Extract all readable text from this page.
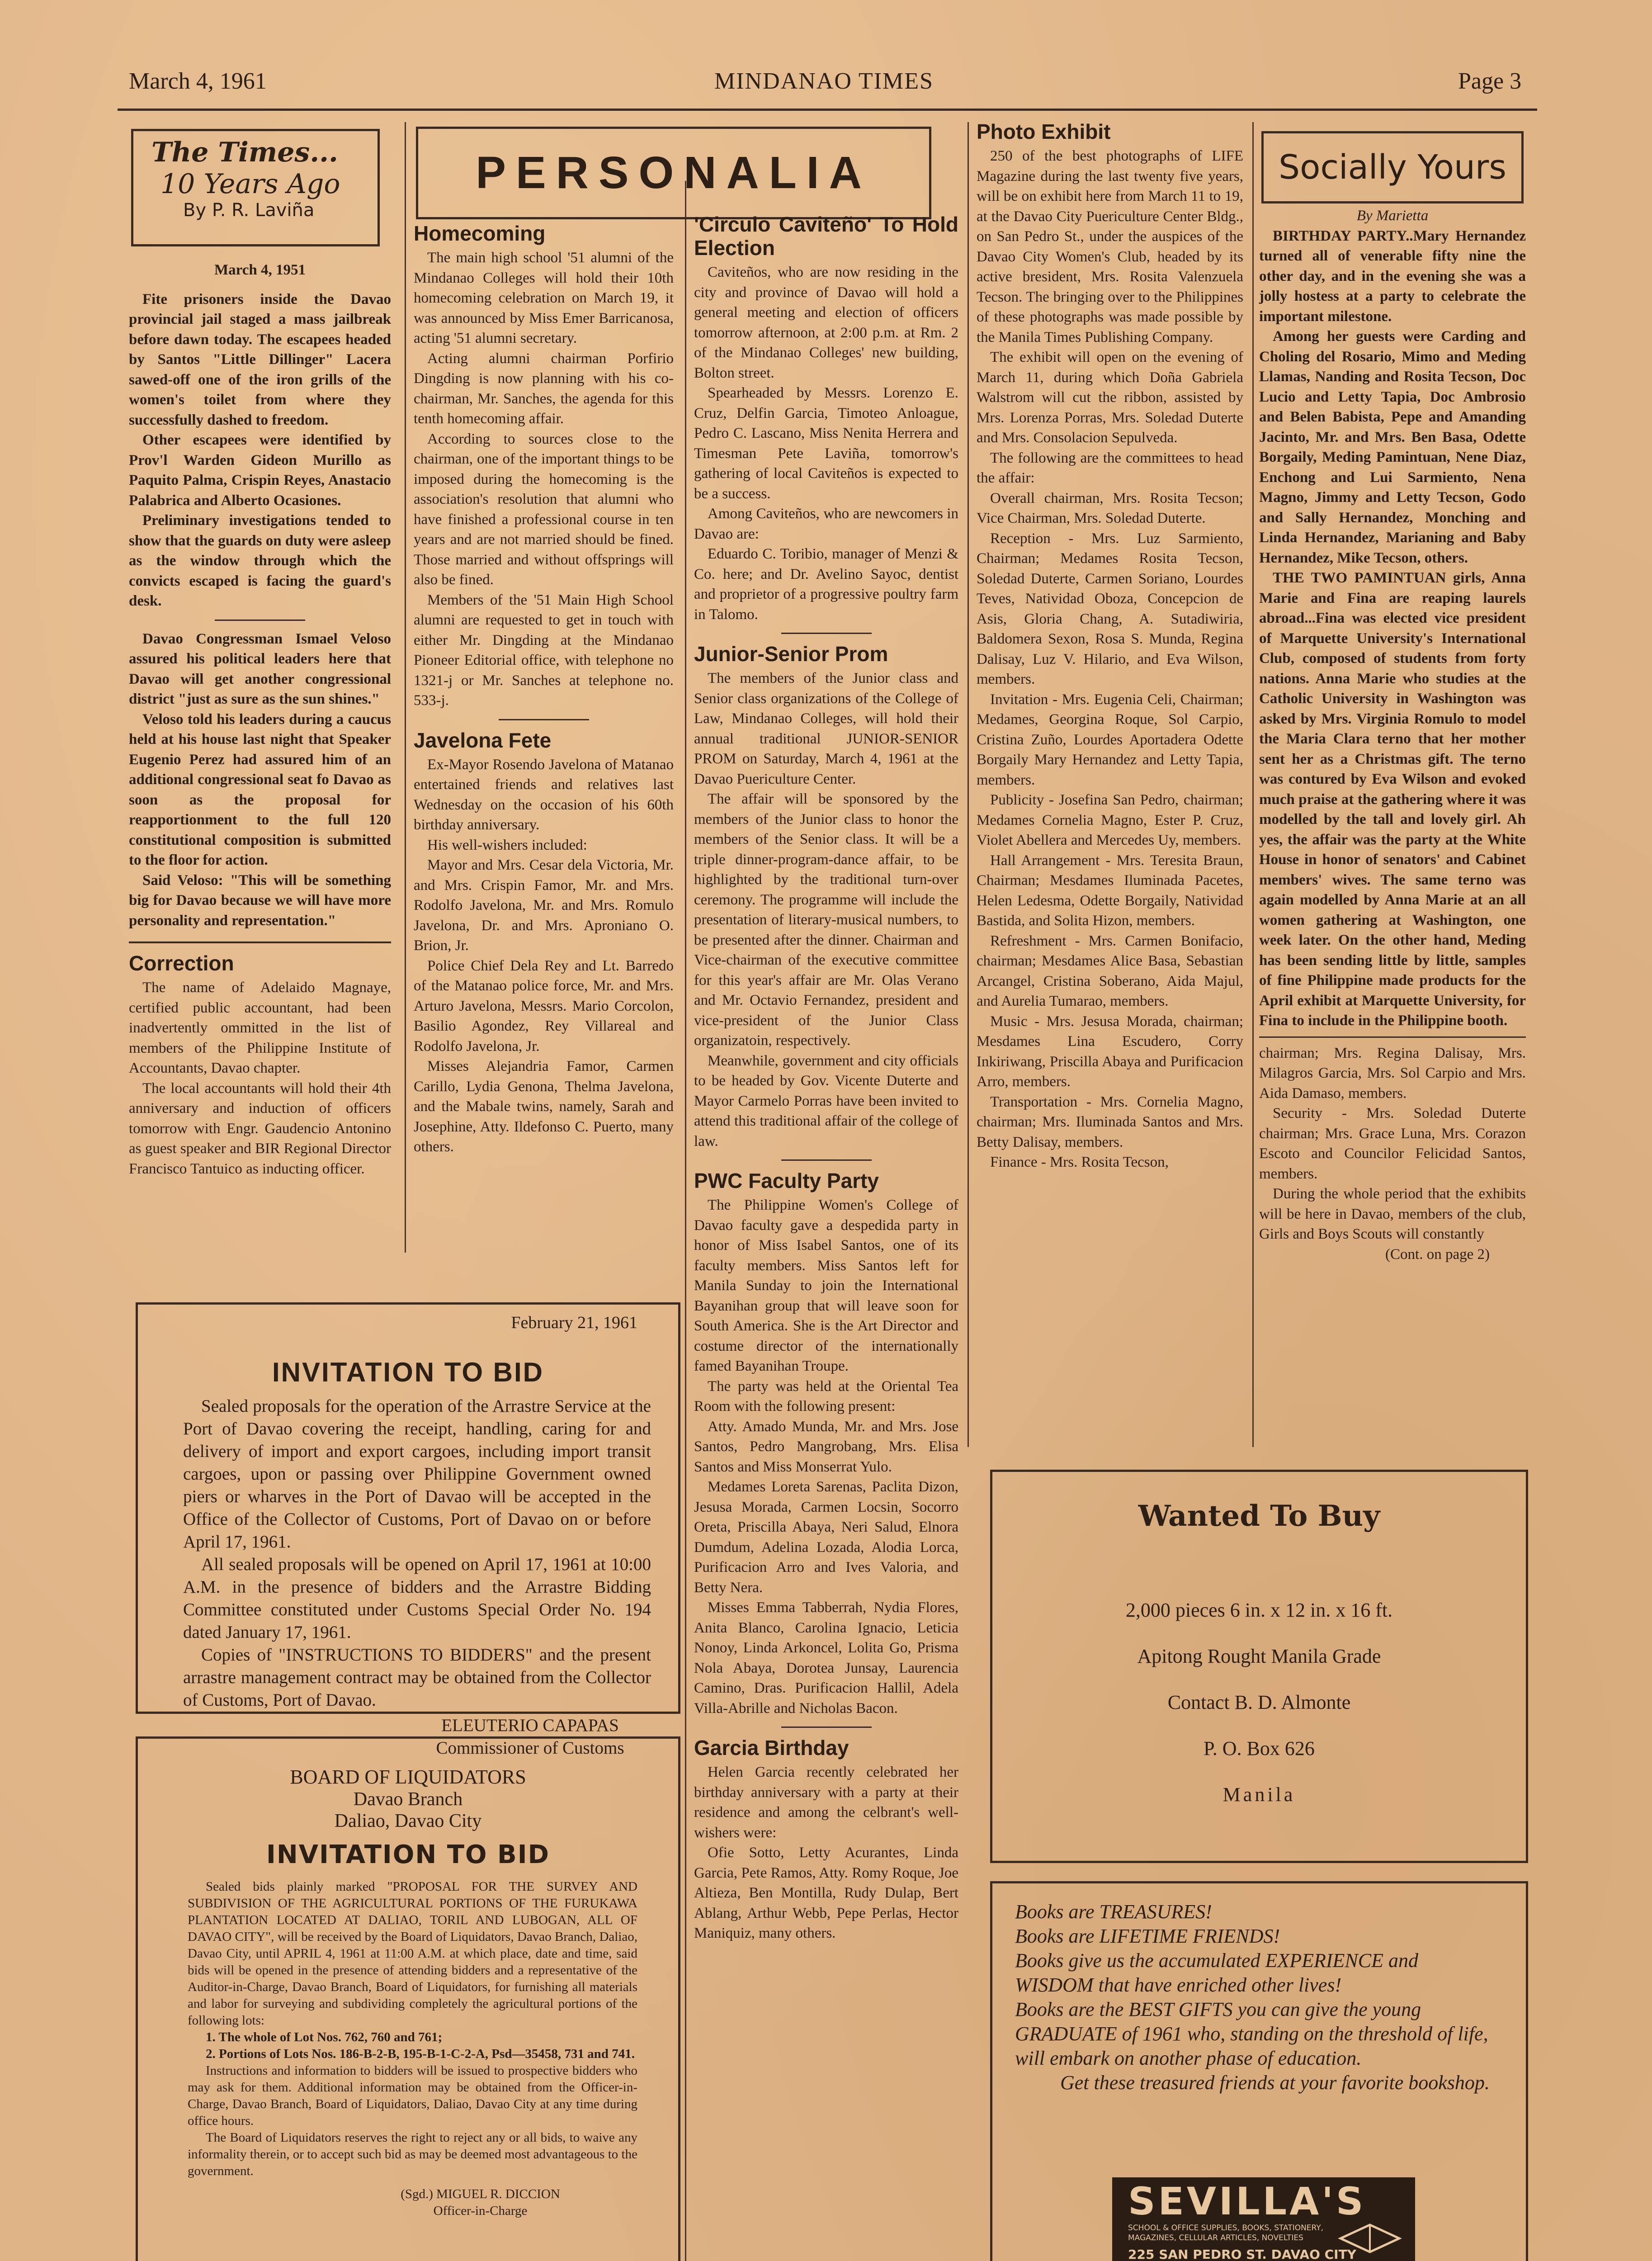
March 4, 1961	MINDANAO TIMES	Page 3
The Times...
10 Years Ago
By P. R. Laviña
March 4, 1951

Fite prisoners inside the Davao provincial jail staged a mass jailbreak before dawn today. The escapees headed by Santos "Little Dillinger" Lacera sawed-off one of the iron grills of the women's toilet from where they successfully dashed to freedom.

Other escapees were identified by Prov'l Warden Gideon Murillo as Paquito Palma, Crispin Reyes, Anastacio Palabrica and Alberto Ocasiones.

Preliminary investigations tended to show that the guards on duty were asleep as the window through which the convicts escaped is facing the guard's desk.

Davao Congressman Ismael Veloso assured his political leaders here that Davao will get another congressional district "just as sure as the sun shines."

Veloso told his leaders during a caucus held at his house last night that Speaker Eugenio Perez had assured him of an additional congressional seat fo Davao as soon as the proposal for reapportionment to the full 120 constitutional composition is submitted to the floor for action.

Said Veloso: "This will be something big for Davao because we will have more personality and representation."

Correction

The name of Adelaido Magnaye, certified public accountant, had been inadvertently ommitted in the list of members of the Philippine Institute of Accountants, Davao chapter.

The local accountants will hold their 4th anniversary and induction of officers tomorrow with Engr. Gaudencio Antonino as guest speaker and BIR Regional Director Francisco Tantuico as inducting officer.

PERSONALIA
Homecoming

The main high school '51 alumni of the Mindanao Colleges will hold their 10th homecoming celebration on March 19, it was announced by Miss Emer Barricanosa, acting '51 alumni secretary.

Acting alumni chairman Porfirio Dingding is now planning with his co-chairman, Mr. Sanches, the agenda for this tenth homecoming affair.

According to sources close to the chairman, one of the important things to be imposed during the homecoming is the association's resolution that alumni who have finished a professional course in ten years and are not married should be fined. Those married and without offsprings will also be fined.

Members of the '51 Main High School alumni are requested to get in touch with either Mr. Dingding at the Mindanao Pioneer Editorial office, with telephone no 1321-j or Mr. Sanches at telephone no. 533-j.

Javelona Fete

Ex-Mayor Rosendo Javelona of Matanao entertained friends and relatives last Wednesday on the occasion of his 60th birthday anniversary.

His well-wishers included:

Mayor and Mrs. Cesar dela Victoria, Mr. and Mrs. Crispin Famor, Mr. and Mrs. Rodolfo Javelona, Mr. and Mrs. Romulo Javelona, Dr. and Mrs. Apronianо O. Brion, Jr.

Police Chief Dela Rey and Lt. Barredo of the Matanao police force, Mr. and Mrs. Arturo Javelona, Messrs. Mario Corcolon, Basilio Agondez, Rey Villareal and Rodolfo Javelona, Jr.

Misses Alejandria Famor, Carmen Carillo, Lydia Genona, Thelma Javelona, and the Mabale twins, namely, Sarah and Josephine, Atty. Ildefonso C. Puerto, many others.

'Circulo Caviteño' To Hold Election

Caviteños, who are now residing in the city and province of Davao will hold a general meeting and election of officers tomorrow afternoon, at 2:00 p.m. at Rm. 2 of the Mindanao Colleges' new building, Bolton street.

Spearheaded by Messrs. Lorenzo E. Cruz, Delfin Garcia, Timoteo Anloague, Pedro C. Lascano, Miss Nenita Herrera and Timesman Pete Laviña, tomorrow's gathering of local Caviteños is expected to be a success.

Among Caviteños, who are newcomers in Davao are:

Eduardo C. Toribio, manager of Menzi & Co. here; and Dr. Avelino Sayoc, dentist and proprietor of a progressive poultry farm in Talomo.

Junior-Senior Prom

The members of the Junior class and Senior class organizations of the College of Law, Mindanao Colleges, will hold their annual traditional JUNIOR-SENIOR PROM on Saturday, March 4, 1961 at the Davao Puericulture Center.

The affair will be sponsored by the members of the Junior class to honor the members of the Senior class. It will be a triple dinner-program-dance affair, to be highlighted by the traditional turn-over ceremony. The programme will include the presentation of literary-musical numbers, to be presented after the dinner. Chairman and Vice-chairman of the executive committee for this year's affair are Mr. Olas Verano and Mr. Octavio Fernandez, president and vice-president of the Junior Class organizatoin, respectively.

Meanwhile, government and city officials to be headed by Gov. Vicente Duterte and Mayor Carmelo Porras have been invited to attend this traditional affair of the college of law.

PWC Faculty Party

The Philippine Women's College of Davao faculty gave a despedida party in honor of Miss Isabel Santos, one of its faculty members. Miss Santos left for Manila Sunday to join the International Bayanihan group that will leave soon for South America. She is the Art Director and costume director of the internationally famed Bayanihan Troupe.

The party was held at the Oriental Tea Room with the following present:

Atty. Amado Munda, Mr. and Mrs. Jose Santos, Pedro Mangrobang, Mrs. Elisa Santos and Miss Monserrat Yulo.

Medames Loreta Sarenas, Paclita Dizon, Jesusa Morada, Carmen Locsin, Socorro Oreta, Priscilla Abaya, Neri Salud, Elnora Dumdum, Adelina Lozada, Alodia Lorca, Purificacion Arro and Ives Valoria, and Betty Nera.

Misses Emma Tabberrah, Nydia Flores, Anita Blanco, Carolina Ignacio, Leticia Nonoy, Linda Arkoncel, Lolita Go, Prisma Nola Abaya, Dorotea Junsay, Laurencia Camino, Dras. Purificacion Hallil, Adela Villa-Abrille and Nicholas Bacon.

Garcia Birthday

Helen Garcia recently celebrated her birthday anniversary with a party at their residence and among the celbrant's well-wishers were:

Ofie Sotto, Letty Acurantes, Linda Garcia, Pete Ramos, Atty. Romy Roque, Joe Altieza, Ben Montilla, Rudy Dulap, Bert Ablang, Arthur Webb, Pepe Perlas, Hector Maniquiz, many others.

Photo Exhibit

250 of the best photographs of LIFE Magazine during the last twenty five years, will be on exhibit here from March 11 to 19, at the Davao City Puericulture Center Bldg., on San Pedro St., under the auspices of the Davao City Women's Club, headed by its active bresident, Mrs. Rosita Valenzuela Tecson. The bringing over to the Philippines of these photographs was made possible by the Manila Times Publishing Company.

The exhibit will open on the evening of March 11, during which Doña Gabriela Walstrom will cut the ribbon, assisted by Mrs. Lorenza Porras, Mrs. Soledad Duterte and Mrs. Consolacion Sepulveda.

The following are the committees to head the affair:

Overall chairman, Mrs. Rosita Tecson; Vice Chairman, Mrs. Soledad Duterte.

Reception - Mrs. Luz Sarmiento, Chairman; Medames Rosita Tecson, Soledad Duterte, Carmen Soriano, Lourdes Teves, Natividad Oboza, Concepcion de Asis, Gloria Chang, A. Sutadiwiria, Baldomera Sexon, Rosa S. Munda, Regina Dalisay, Luz V. Hilario, and Eva Wilson, members.

Invitation - Mrs. Eugenia Celi, Chairman; Medames, Georgina Roque, Sol Carpio, Cristina Zuño, Lourdes Aportadera Odette Borgaily Mary Hernandez and Letty Tapia, members.

Publicity - Josefina San Pedro, chairman; Medames Cornelia Magno, Ester P. Cruz, Violet Abellera and Mercedes Uy, members.

Hall Arrangement - Mrs. Teresita Braun, Chairman; Mesdames Iluminada Pacetes, Helen Ledesma, Odette Borgaily, Natividad Bastida, and Solita Hizon, members.

Refreshment - Mrs. Carmen Bonifacio, chairman; Mesdames Alice Basa, Sebastian Arcangel, Cristina Soberano, Aida Majul, and Aurelia Tumarao, members.

Music - Mrs. Jesusa Morada, chairman; Mesdames Lina Escudero, Corry Inkiriwang, Priscilla Abaya and Purificacion Arro, members.

Transportation - Mrs. Cornelia Magno, chairman; Mrs. Iluminada Santos and Mrs. Betty Dalisay, members.

Finance - Mrs. Rosita Tecson,

Socially Yours
By Marietta

BIRTHDAY PARTY..Mary Hernandez turned all of venerable fifty nine the other day, and in the evening she was a jolly hostess at a party to celebrate the important milestone.

Among her guests were Carding and Choling del Rosario, Mimo and Meding Llamas, Nanding and Rosita Tecson, Doc Lucio and Letty Tapia, Doc Ambrosio and Belen Babista, Pepe and Amanding Jacinto, Mr. and Mrs. Ben Basa, Odette Borgaily, Meding Pamintuan, Nene Diaz, Enchong and Lui Sarmiento, Nena Magno, Jimmy and Letty Tecson, Godo and Sally Hernandez, Monching and Linda Hernandez, Marianing and Baby Hernandez, Mike Tecson, others.

THE TWO PAMINTUAN girls, Anna Marie and Fina are reaping laurels abroad...Fina was elected vice president of Marquette University's International Club, composed of students from forty nations. Anna Marie who studies at the Catholic University in Washington was asked by Mrs. Virginia Romulo to model the Maria Clara terno that her mother sent her as a Christmas gift. The terno was contured by Eva Wilson and evoked much praise at the gathering where it was modelled by the tall and lovely girl. Ah yes, the affair was the party at the White House in honor of senators' and Cabinet members' wives. The same terno was again modelled by Anna Marie at an all women gathering at Washington, one week later. On the other hand, Meding has been sending little by little, samples of fine Philippine made products for the April exhibit at Marquette University, for Fina to include in the Philippine booth.

chairman; Mrs. Regina Dalisay, Mrs. Milagros Garcia, Mrs. Sol Carpio and Mrs. Aida Damaso, members.

Security - Mrs. Soledad Duterte chairman; Mrs. Grace Luna, Mrs. Corazon Escoto and Councilor Felicidad Santos, members.

During the whole period that the exhibits will be here in Davao, members of the club, Girls and Boys Scouts will constantly

(Cont. on page 2)
February 21, 1961
INVITATION TO BID

Sealed proposals for the operation of the Arrastre Service at the Port of Davao covering the receipt, handling, caring for and delivery of import and export cargoes, including import transit cargoes, upon or passing over Philippine Government owned piers or wharves in the Port of Davao will be accepted in the Office of the Collector of Customs, Port of Davao on or before April 17, 1961.

All sealed proposals will be opened on April 17, 1961 at 10:00 A.M. in the presence of bidders and the Arrastre Bidding Committee constituted under Customs Special Order No. 194 dated January 17, 1961.

Copies of "INSTRUCTIONS TO BIDDERS" and the present arrastre management contract may be obtained from the Collector of Customs, Port of Davao.

ELEUTERIO CAPAPAS
Commissioner of Customs
BOARD OF LIQUIDATORS
Davao Branch
Daliao, Davao City
INVITATION TO BID

Sealed bids plainly marked "PROPOSAL FOR THE SURVEY AND SUBDIVISION OF THE AGRICULTURAL PORTIONS OF THE FURUKAWA PLANTATION LOCATED AT DALIAO, TORIL AND LUBOGAN, ALL OF DAVAO CITY", will be received by the Board of Liquidators, Davao Branch, Daliao, Davao City, until APRIL 4, 1961 at 11:00 A.M. at which place, date and time, said bids will be opened in the presence of attending bidders and a representative of the Auditor-in-Charge, Davao Branch, Board of Liquidators, for furnishing all materials and labor for surveying and subdividing completely the agricultural portions of the following lots:

1. The whole of Lot Nos. 762, 760 and 761;
2. Portions of Lots Nos. 186-B-2-B, 195-B-1-C-2-A, Psd—35458, 731 and 741.

Instructions and information to bidders will be issued to prospective bidders who may ask for them. Additional information may be obtained from the Officer-in-Charge, Davao Branch, Board of Liquidators, Daliao, Davao City at any time during office hours.

The Board of Liquidators reserves the right to reject any or all bids, to waive any informality therein, or to accept such bid as may be deemed most advantageous to the government.

(Sgd.) MIGUEL R. DICCION
Officer-in-Charge
Wanted To Buy
2,000 pieces 6 in. x 12 in. x 16 ft.
Apitong Rought Manila Grade
Contact B. D. Almonte
P. O. Box 626
Manila
Books are TREASURES!
Books are LIFETIME FRIENDS!
Books give us the accumulated EXPERIENCE and WISDOM that have enriched other lives!
Books are the BEST GIFTS you can give the young GRADUATE of 1961 who, standing on the threshold of life, will embark on another phase of education.
Get these treasured friends at your favorite bookshop.
SEVILLA'S
SCHOOL & OFFICE SUPPLIES, BOOKS, STATIONERY, MAGAZINES, CELLULAR ARTICLES, NOVELTIES
225 SAN PEDRO ST. DAVAO CITY
